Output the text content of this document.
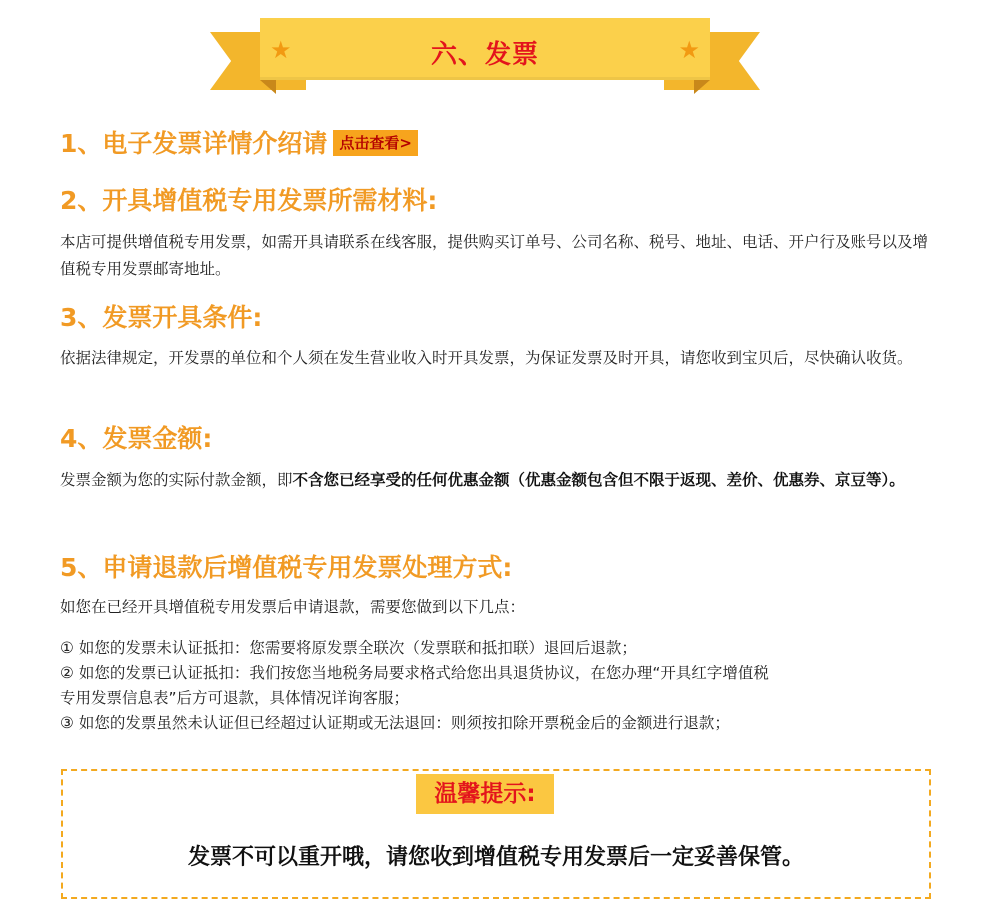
★	★
六、发票
1、电子发票详情介绍请 点击查看>
2、开具增值税专用发票所需材料:
本店可提供增值税专用发票，如需开具请联系在线客服，提供购买订单号、公司名称、税号、地址、电话、开户行及账号以及增值税专用发票邮寄地址。
3、发票开具条件:
依据法律规定，开发票的单位和个人须在发生营业收入时开具发票，为保证发票及时开具，请您收到宝贝后，尽快确认收货。
4、发票金额:
发票金额为您的实际付款金额，即不含您已经享受的任何优惠金额（优惠金额包含但不限于返现、差价、优惠券、京豆等）。
5、申请退款后增值税专用发票处理方式:
如您在已经开具增值税专用发票后申请退款，需要您做到以下几点：
① 如您的发票未认证抵扣：您需要将原发票全联次（发票联和抵扣联）退回后退款；
② 如您的发票已认证抵扣：我们按您当地税务局要求格式给您出具退货协议，在您办理“开具红字增值税
专用发票信息表”后方可退款，具体情况详询客服；
③ 如您的发票虽然未认证但已经超过认证期或无法退回：则须按扣除开票税金后的金额进行退款；
温馨提示:
发票不可以重开哦，请您收到增值税专用发票后一定妥善保管。
